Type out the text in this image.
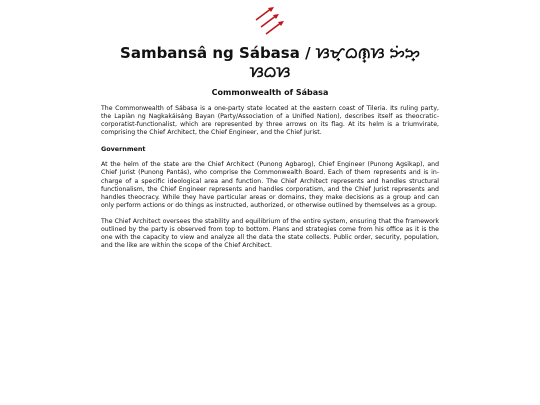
Sambansâ ng Sábasa / ᜐᜋ᜔ᜊᜈ᜔ᜐ ᜅᜒᜅ᜔ ᜐᜊᜐ
Commonwealth of Sábasa

The Commonwealth of Sábasa is a one-party state located at the eastern coast of Tileria. Its ruling party, the Lapiàn ng Nagkakáisáng Bayan (Party/Association of a Unified Nation), describes itself as theocratic-corporatist-functionalist, which are represented by three arrows on its flag. At its helm is a triumvirate, comprising the Chief Architect, the Chief Engineer, and the Chief Jurist.

Government

At the helm of the state are the Chief Architect (Punong Agbarog), Chief Engineer (Punong Agsikap), and Chief Jurist (Punong Pantás), who comprise the Commonwealth Board. Each of them represents and is in-charge of a specific ideological area and function. The Chief Architect represents and handles structural functionalism, the Chief Engineer represents and handles corporatism, and the Chief Jurist represents and handles theocracy. While they have particular areas or domains, they make decisions as a group and can only perform actions or do things as instructed, authorized, or otherwise outlined by themselves as a group.

The Chief Architect oversees the stability and equilibrium of the entire system, ensuring that the framework outlined by the party is observed from top to bottom. Plans and strategies come from his office as it is the one with the capacity to view and analyze all the data the state collects. Public order, security, population, and the like are within the scope of the Chief Architect.
